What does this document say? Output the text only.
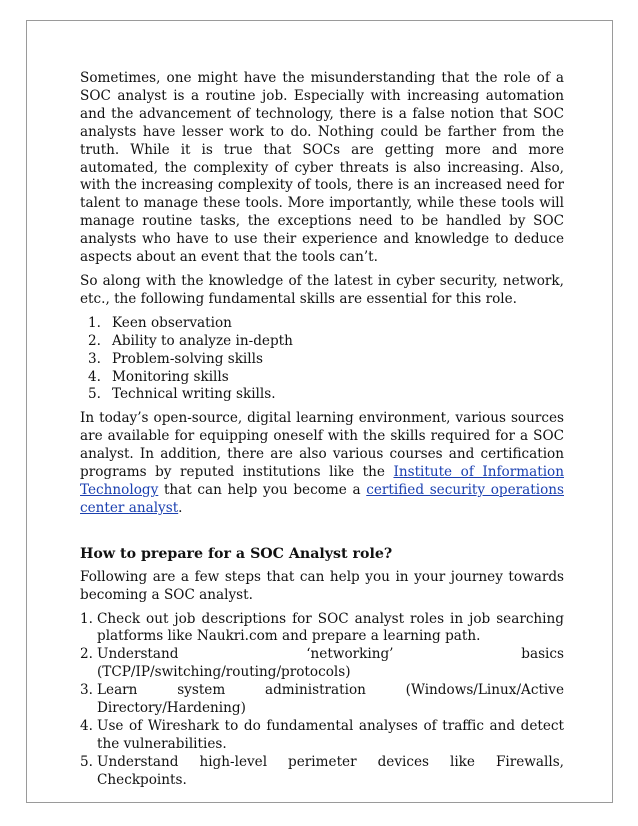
Sometimes, one might have the misunderstanding that the role of a SOC analyst is a routine job. Especially with increasing automation and the advancement of technology, there is a false notion that SOC analysts have lesser work to do. Nothing could be farther from the truth. While it is true that SOCs are getting more and more automated, the complexity of cyber threats is also increasing. Also, with the increasing complexity of tools, there is an increased need for talent to manage these tools. More importantly, while these tools will manage routine tasks, the exceptions need to be handled by SOC analysts who have to use their experience and knowledge to deduce aspects about an event that the tools can’t.

So along with the knowledge of the latest in cyber security, network, etc., the following fundamental skills are essential for this role.

1. Keen observation
2. Ability to analyze in-depth
3. Problem-solving skills
4. Monitoring skills
5. Technical writing skills.

In today’s open-source, digital learning environment, various sources are available for equipping oneself with the skills required for a SOC analyst. In addition, there are also various courses and certification programs by reputed institutions like the Institute of Information Technology that can help you become a certified security operations center analyst.

How to prepare for a SOC Analyst role?

Following are a few steps that can help you in your journey towards becoming a SOC analyst.

1. Check out job descriptions for SOC analyst roles in job searching platforms like Naukri.com and prepare a learning path.
2. Understand ‘networking’ basics (TCP/IP/switching/routing/protocols)
3. Learn system administration (Windows/Linux/Active Directory/Hardening)
4. Use of Wireshark to do fundamental analyses of traffic and detect the vulnerabilities.
5. Understand high-level perimeter devices like Firewalls, Checkpoints.
